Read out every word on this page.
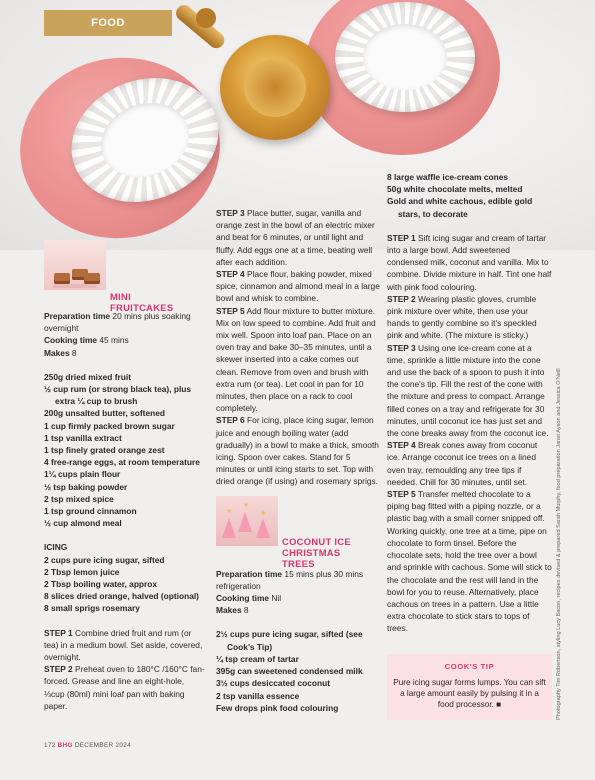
FOOD
MINI
FRUITCAKES

Preparation time 20 mins plus soaking overnight

Cooking time 45 mins

Makes 8

250g dried mixed fruit

½ cup rum (or strong black tea), plus extra ¼ cup to brush

200g unsalted butter, softened

1 cup firmly packed brown sugar

1 tsp vanilla extract

1 tsp finely grated orange zest

4 free-range eggs, at room temperature

1¼ cups plain flour

½ tsp baking powder

2 tsp mixed spice

1 tsp ground cinnamon

½ cup almond meal

ICING

2 cups pure icing sugar, sifted

2 Tbsp lemon juice

2 Tbsp boiling water, approx

8 slices dried orange, halved (optional)

8 small sprigs rosemary

STEP 1 Combine dried fruit and rum (or tea) in a medium bowl. Set aside, covered, overnight.

STEP 2 Preheat oven to 180°C /160°C fan-forced. Grease and line an eight-hole, ⅓cup (80ml) mini loaf pan with baking paper.

STEP 3 Place butter, sugar, vanilla and orange zest in the bowl of an electric mixer and beat for 6 minutes, or until light and fluffy. Add eggs one at a time, beating well after each addition.

STEP 4 Place flour, baking powder, mixed spice, cinnamon and almond meal in a large bowl and whisk to combine.

STEP 5 Add flour mixture to butter mixture. Mix on low speed to combine. Add fruit and mix well. Spoon into loaf pan. Place on an oven tray and bake 30–35 minutes, until a skewer inserted into a cake comes out clean. Remove from oven and brush with extra rum (or tea). Let cool in pan for 10 minutes, then place on a rack to cool completely.

STEP 6 For icing, place icing sugar, lemon juice and enough boiling water (add gradually) in a bowl to make a thick, smooth icing. Spoon over cakes. Stand for 5 minutes or until icing starts to set. Top with dried orange (if using) and rosemary sprigs.

★
★
★
COCONUT ICE
CHRISTMAS
TREES

Preparation time 15 mins plus 30 mins refrigeration

Cooking time Nil

Makes 8

2½ cups pure icing sugar, sifted (see Cook's Tip)

¼ tsp cream of tartar

395g can sweetened condensed milk

3½ cups desiccated coconut

2 tsp vanilla essence

Few drops pink food colouring

8 large waffle ice-cream cones

50g white chocolate melts, melted

Gold and white cachous, edible gold stars, to decorate

STEP 1 Sift icing sugar and cream of tartar into a large bowl. Add sweetened condensed milk, coconut and vanilla. Mix to combine. Divide mixture in half. Tint one half with pink food colouring.

STEP 2 Wearing plastic gloves, crumble pink mixture over white, then use your hands to gently combine so it's speckled pink and white. (The mixture is sticky.)

STEP 3 Using one ice-cream cone at a time, sprinkle a little mixture into the cone and use the back of a spoon to push it into the cone's tip. Fill the rest of the cone with the mixture and press to compact. Arrange filled cones on a tray and refrigerate for 30 minutes, until coconut ice has just set and the cone breaks away from the coconut ice.

STEP 4 Break cones away from coconut ice. Arrange coconut ice trees on a lined oven tray, remoulding any tree tips if needed. Chill for 30 minutes, until set.

STEP 5 Transfer melted chocolate to a piping bag fitted with a piping nozzle, or a plastic bag with a small corner snipped off. Working quickly, one tree at a time, pipe on chocolate to form tinsel. Before the chocolate sets, hold the tree over a bowl and sprinkle with cachous. Some will stick to the chocolate and the rest will land in the bowl for you to reuse. Alternatively, place cachous on trees in a pattern. Use a little extra chocolate to stick stars to tops of trees.

COOK'S TIP
Pure icing sugar forms lumps. You can sift a large amount easily by pulsing it in a food processor. ■	Photography Tim Robertson, styling Lucy Bacon, recipes devised & prepared Sarah Murphy, food preparation Janet Ayson and Jessica O'Neill
172 BHG DECEMBER 2024
